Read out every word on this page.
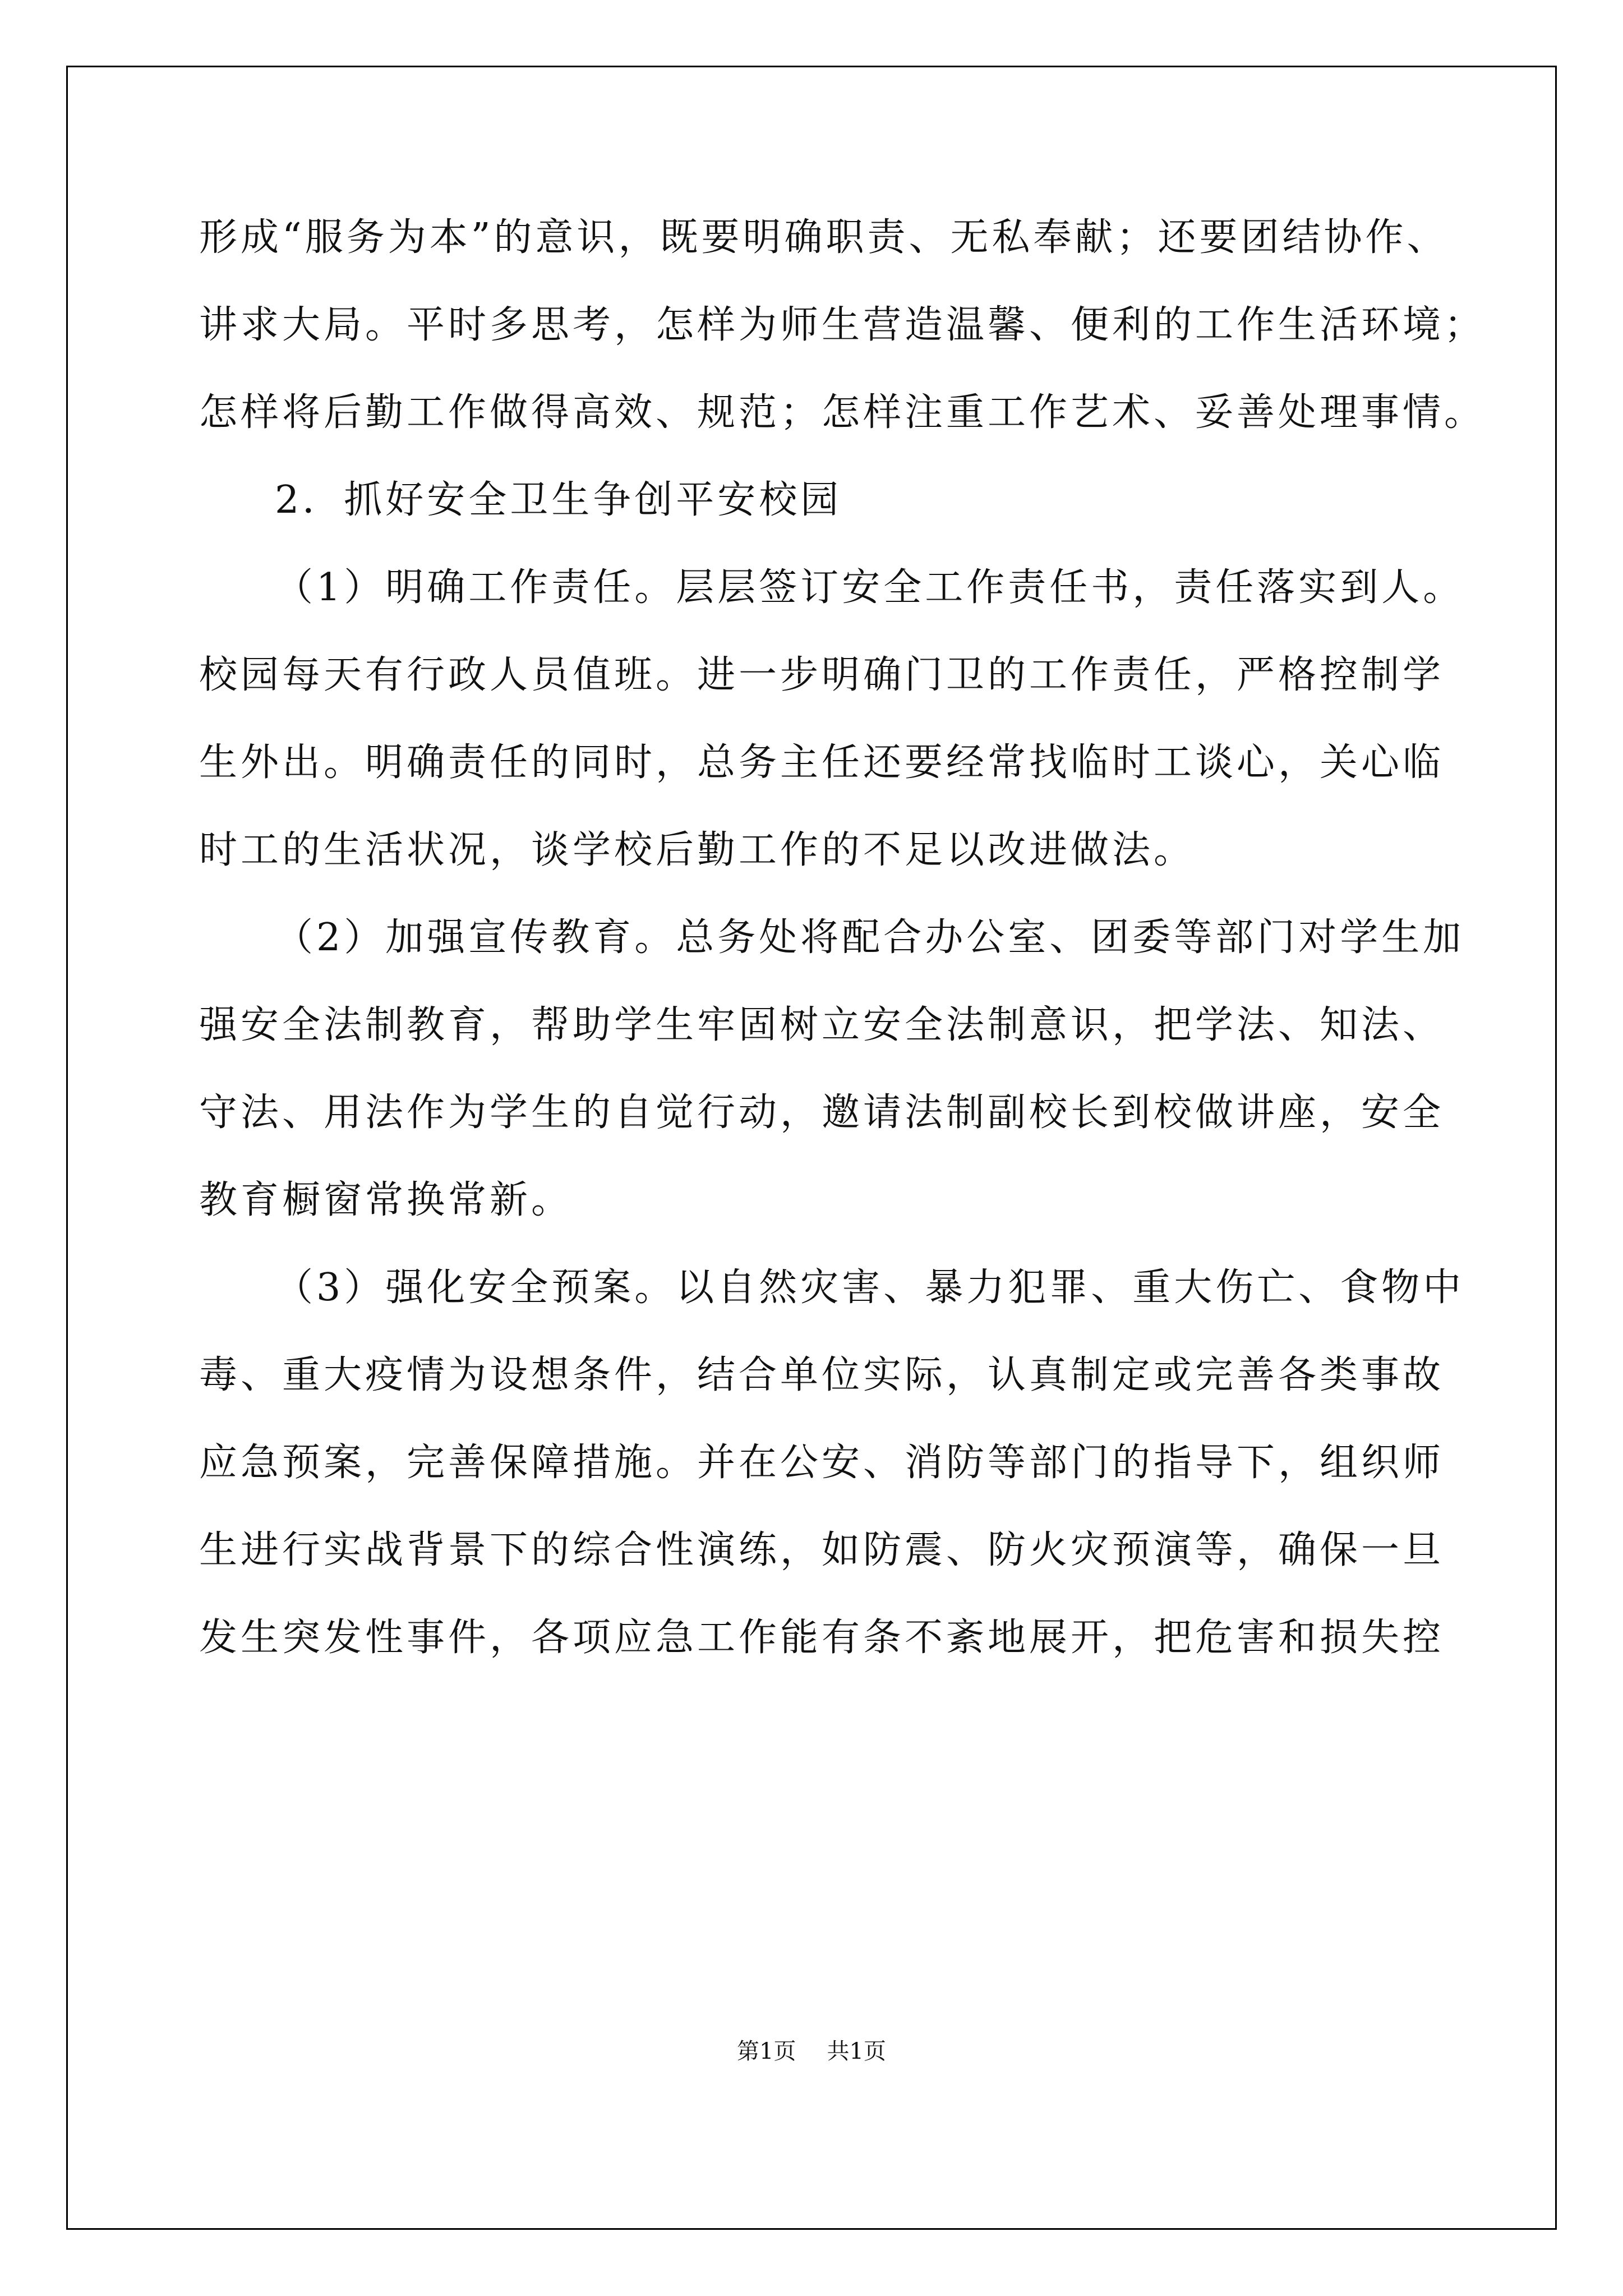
形成“服务为本”的意识，既要明确职责、无私奉献；还要团结协作、
讲求大局。平时多思考，怎样为师生营造温馨、便利的工作生活环境；
怎样将后勤工作做得高效、规范；怎样注重工作艺术、妥善处理事情。
2．抓好安全卫生争创平安校园
（1）明确工作责任。层层签订安全工作责任书，责任落实到人。
校园每天有行政人员值班。进一步明确门卫的工作责任，严格控制学
生外出。明确责任的同时，总务主任还要经常找临时工谈心，关心临
时工的生活状况，谈学校后勤工作的不足以改进做法。
（2）加强宣传教育。总务处将配合办公室、团委等部门对学生加
强安全法制教育，帮助学生牢固树立安全法制意识，把学法、知法、
守法、用法作为学生的自觉行动，邀请法制副校长到校做讲座，安全
教育橱窗常换常新。
（3）强化安全预案。以自然灾害、暴力犯罪、重大伤亡、食物中
毒、重大疫情为设想条件，结合单位实际，认真制定或完善各类事故
应急预案，完善保障措施。并在公安、消防等部门的指导下，组织师
生进行实战背景下的综合性演练，如防震、防火灾预演等，确保一旦
发生突发性事件，各项应急工作能有条不紊地展开，把危害和损失控
第1页 共1页
